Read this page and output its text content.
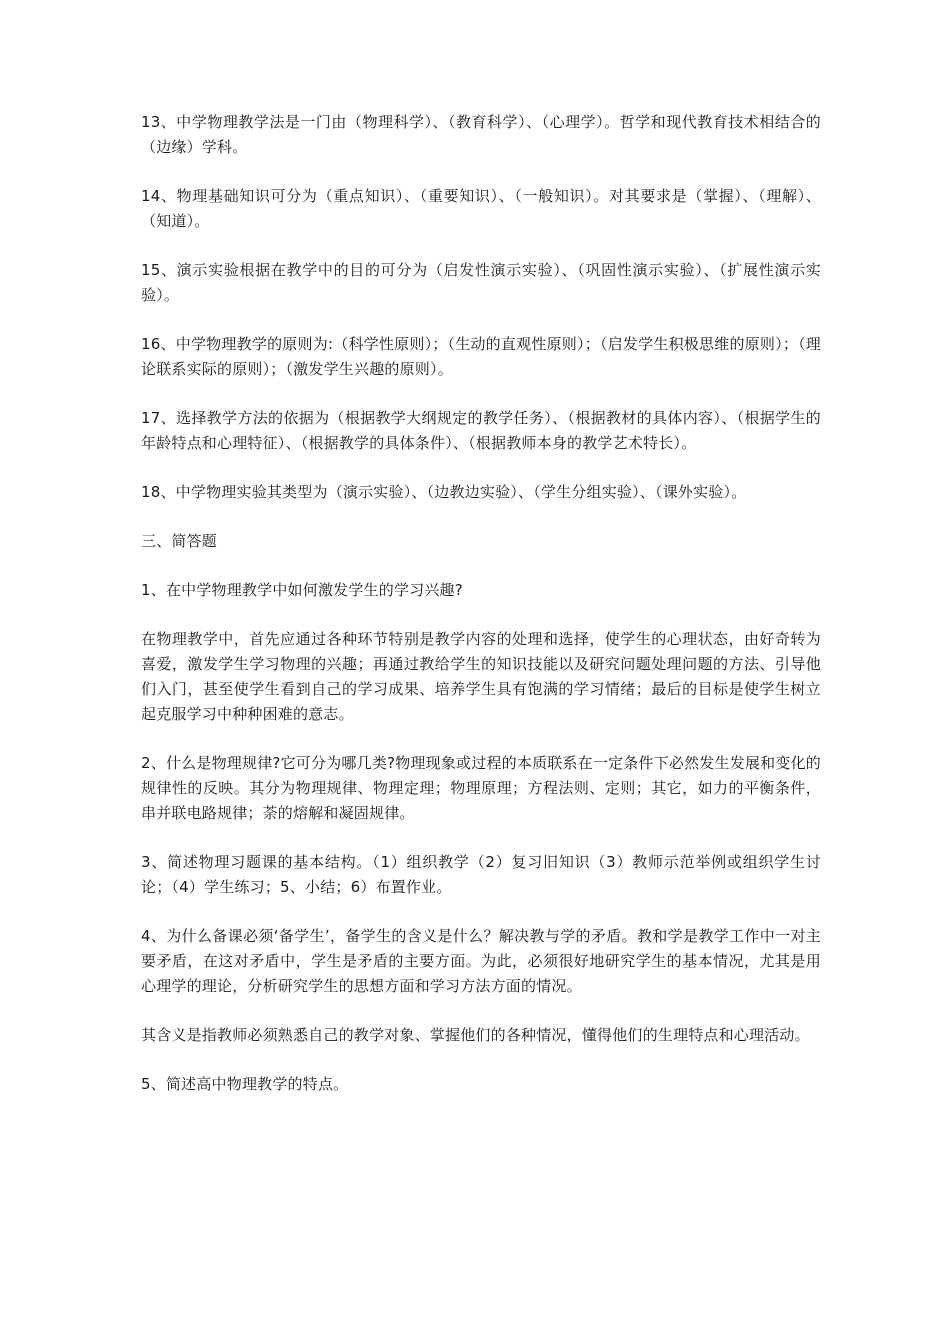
13、中学物理教学法是一门由（物理科学）、（教育科学）、（心理学）。哲学和现代教育技术相结合的（边缘）学科。

14、物理基础知识可分为（重点知识）、（重要知识）、（一般知识）。对其要求是（掌握）、（理解）、（知道）。

15、演示实验根据在教学中的目的可分为（启发性演示实验）、（巩固性演示实验）、（扩展性演示实验）。

16、中学物理教学的原则为:（科学性原则）；（生动的直观性原则）；（启发学生积极思维的原则）；（理论联系实际的原则）；（激发学生兴趣的原则）。

17、选择教学方法的依据为（根据教学大纲规定的教学任务）、（根据教材的具体内容）、（根据学生的年龄特点和心理特征）、（根据教学的具体条件）、（根据教师本身的教学艺术特长）。

18、中学物理实验其类型为（演示实验）、（边教边实验）、（学生分组实验）、（课外实验）。

三、简答题

1、在中学物理教学中如何激发学生的学习兴趣?

在物理教学中，首先应通过各种环节特别是教学内容的处理和选择，使学生的心理状态，由好奇转为喜爱，激发学生学习物理的兴趣；再通过教给学生的知识技能以及研究问题处理问题的方法、引导他们入门，甚至使学生看到自己的学习成果、培养学生具有饱满的学习情绪；最后的目标是使学生树立起克服学习中种种困难的意志。

2、什么是物理规律?它可分为哪几类?物理现象或过程的本质联系在一定条件下必然发生发展和变化的规律性的反映。其分为物理规律、物理定理；物理原理；方程法则、定则；其它，如力的平衡条件，串并联电路规律；荼的熔解和凝固规律。

3、简述物理习题课的基本结构。（1）组织教学（2）复习旧知识（3）教师示范举例或组织学生讨论；（4）学生练习；5、小结；6）布置作业。

4、为什么备课必须‘备学生’，备学生的含义是什么？解决教与学的矛盾。教和学是教学工作中一对主要矛盾，在这对矛盾中，学生是矛盾的主要方面。为此，必须很好地研究学生的基本情况，尤其是用心理学的理论，分析研究学生的思想方面和学习方法方面的情况。

其含义是指教师必须熟悉自己的教学对象、掌握他们的各种情况，懂得他们的生理特点和心理活动。

5、简述高中物理教学的特点。
